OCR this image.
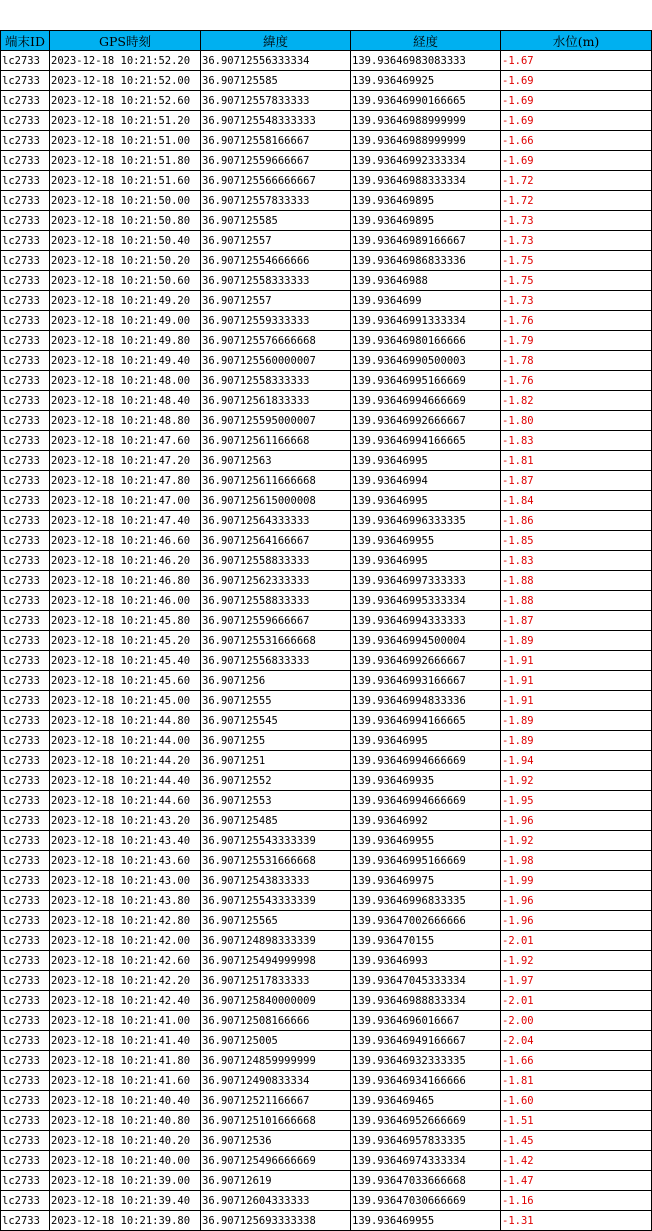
端末ID	GPS時刻	緯度	経度	水位(m)
lc2733	2023-12-18 10:21:52.20	36.90712556333334	139.93646983083333	-1.67
lc2733	2023-12-18 10:21:52.00	36.907125585	139.936469925	-1.69
lc2733	2023-12-18 10:21:52.60	36.90712557833333	139.93646990166665	-1.69
lc2733	2023-12-18 10:21:51.20	36.907125548333333	139.93646988999999	-1.69
lc2733	2023-12-18 10:21:51.00	36.90712558166667	139.93646988999999	-1.66
lc2733	2023-12-18 10:21:51.80	36.90712559666667	139.93646992333334	-1.69
lc2733	2023-12-18 10:21:51.60	36.907125566666667	139.93646988333334	-1.72
lc2733	2023-12-18 10:21:50.00	36.90712557833333	139.936469895	-1.72
lc2733	2023-12-18 10:21:50.80	36.907125585	139.936469895	-1.73
lc2733	2023-12-18 10:21:50.40	36.90712557	139.93646989166667	-1.73
lc2733	2023-12-18 10:21:50.20	36.90712554666666	139.93646986833336	-1.75
lc2733	2023-12-18 10:21:50.60	36.90712558333333	139.93646988	-1.75
lc2733	2023-12-18 10:21:49.20	36.90712557	139.9364699	-1.73
lc2733	2023-12-18 10:21:49.00	36.90712559333333	139.93646991333334	-1.76
lc2733	2023-12-18 10:21:49.80	36.907125576666668	139.93646980166666	-1.79
lc2733	2023-12-18 10:21:49.40	36.907125560000007	139.93646990500003	-1.78
lc2733	2023-12-18 10:21:48.00	36.90712558333333	139.93646995166669	-1.76
lc2733	2023-12-18 10:21:48.40	36.90712561833333	139.93646994666669	-1.82
lc2733	2023-12-18 10:21:48.80	36.907125595000007	139.93646992666667	-1.80
lc2733	2023-12-18 10:21:47.60	36.90712561166668	139.93646994166665	-1.83
lc2733	2023-12-18 10:21:47.20	36.90712563	139.93646995	-1.81
lc2733	2023-12-18 10:21:47.80	36.907125611666668	139.93646994	-1.87
lc2733	2023-12-18 10:21:47.00	36.907125615000008	139.93646995	-1.84
lc2733	2023-12-18 10:21:47.40	36.90712564333333	139.93646996333335	-1.86
lc2733	2023-12-18 10:21:46.60	36.90712564166667	139.936469955	-1.85
lc2733	2023-12-18 10:21:46.20	36.90712558833333	139.93646995	-1.83
lc2733	2023-12-18 10:21:46.80	36.90712562333333	139.93646997333333	-1.88
lc2733	2023-12-18 10:21:46.00	36.90712558833333	139.93646995333334	-1.88
lc2733	2023-12-18 10:21:45.80	36.90712559666667	139.93646994333333	-1.87
lc2733	2023-12-18 10:21:45.20	36.907125531666668	139.93646994500004	-1.89
lc2733	2023-12-18 10:21:45.40	36.90712556833333	139.93646992666667	-1.91
lc2733	2023-12-18 10:21:45.60	36.9071256	139.93646993166667	-1.91
lc2733	2023-12-18 10:21:45.00	36.90712555	139.93646994833336	-1.91
lc2733	2023-12-18 10:21:44.80	36.907125545	139.93646994166665	-1.89
lc2733	2023-12-18 10:21:44.00	36.9071255	139.93646995	-1.89
lc2733	2023-12-18 10:21:44.20	36.9071251	139.93646994666669	-1.94
lc2733	2023-12-18 10:21:44.40	36.90712552	139.936469935	-1.92
lc2733	2023-12-18 10:21:44.60	36.90712553	139.93646994666669	-1.95
lc2733	2023-12-18 10:21:43.20	36.907125485	139.93646992	-1.96
lc2733	2023-12-18 10:21:43.40	36.907125543333339	139.936469955	-1.92
lc2733	2023-12-18 10:21:43.60	36.907125531666668	139.93646995166669	-1.98
lc2733	2023-12-18 10:21:43.00	36.90712543833333	139.936469975	-1.99
lc2733	2023-12-18 10:21:43.80	36.907125543333339	139.93646996833335	-1.96
lc2733	2023-12-18 10:21:42.80	36.907125565	139.93647002666666	-1.96
lc2733	2023-12-18 10:21:42.00	36.907124898333339	139.936470155	-2.01
lc2733	2023-12-18 10:21:42.60	36.907125494999998	139.93646993	-1.92
lc2733	2023-12-18 10:21:42.20	36.90712517833333	139.93647045333334	-1.97
lc2733	2023-12-18 10:21:42.40	36.907125840000009	139.93646988833334	-2.01
lc2733	2023-12-18 10:21:41.00	36.90712508166666	139.9364696016667	-2.00
lc2733	2023-12-18 10:21:41.40	36.907125005	139.93646949166667	-2.04
lc2733	2023-12-18 10:21:41.80	36.907124859999999	139.93646932333335	-1.66
lc2733	2023-12-18 10:21:41.60	36.90712490833334	139.93646934166666	-1.81
lc2733	2023-12-18 10:21:40.40	36.90712521166667	139.936469465	-1.60
lc2733	2023-12-18 10:21:40.80	36.907125101666668	139.93646952666669	-1.51
lc2733	2023-12-18 10:21:40.20	36.90712536	139.93646957833335	-1.45
lc2733	2023-12-18 10:21:40.00	36.907125496666669	139.93646974333334	-1.42
lc2733	2023-12-18 10:21:39.00	36.90712619	139.93647033666668	-1.47
lc2733	2023-12-18 10:21:39.40	36.90712604333333	139.93647030666669	-1.16
lc2733	2023-12-18 10:21:39.80	36.907125693333338	139.936469955	-1.31
